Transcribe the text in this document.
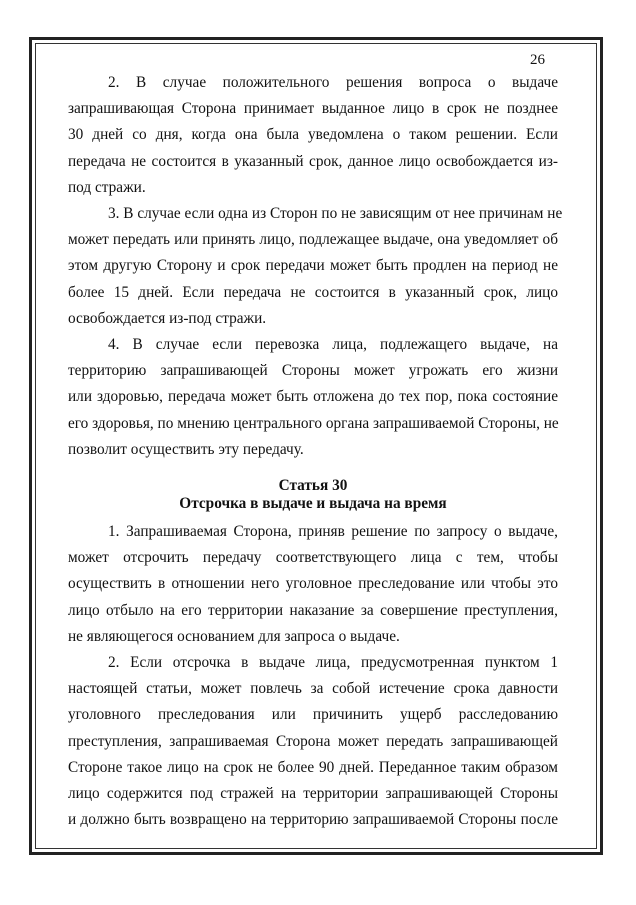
26

2. В случае положительного решения вопроса о выдаче
запрашивающая Сторона принимает выданное лицо в срок не позднее
30 дней со дня, когда она была уведомлена о таком решении. Если
передача не состоится в указанный срок, данное лицо освобождается из-
под стражи.

3. В случае если одна из Сторон по не зависящим от нее причинам не
может передать или принять лицо, подлежащее выдаче, она уведомляет об
этом другую Сторону и срок передачи может быть продлен на период не
более 15 дней. Если передача не состоится в указанный срок, лицо
освобождается из-под стражи.

4. В случае если перевозка лица, подлежащего выдаче, на
территорию запрашивающей Стороны может угрожать его жизни
или здоровью, передача может быть отложена до тех пор, пока состояние
его здоровья, по мнению центрального органа запрашиваемой Стороны, не
позволит осуществить эту передачу.

Статья 30

Отсрочка в выдаче и выдача на время

1. Запрашиваемая Сторона, приняв решение по запросу о выдаче,
может отсрочить передачу соответствующего лица с тем, чтобы
осуществить в отношении него уголовное преследование или чтобы это
лицо отбыло на его территории наказание за совершение преступления,
не являющегося основанием для запроса о выдаче.

2. Если отсрочка в выдаче лица, предусмотренная пунктом 1
настоящей статьи, может повлечь за собой истечение срока давности
уголовного преследования или причинить ущерб расследованию
преступления, запрашиваемая Сторона может передать запрашивающей
Стороне такое лицо на срок не более 90 дней. Переданное таким образом
лицо содержится под стражей на территории запрашивающей Стороны
и должно быть возвращено на территорию запрашиваемой Стороны после
